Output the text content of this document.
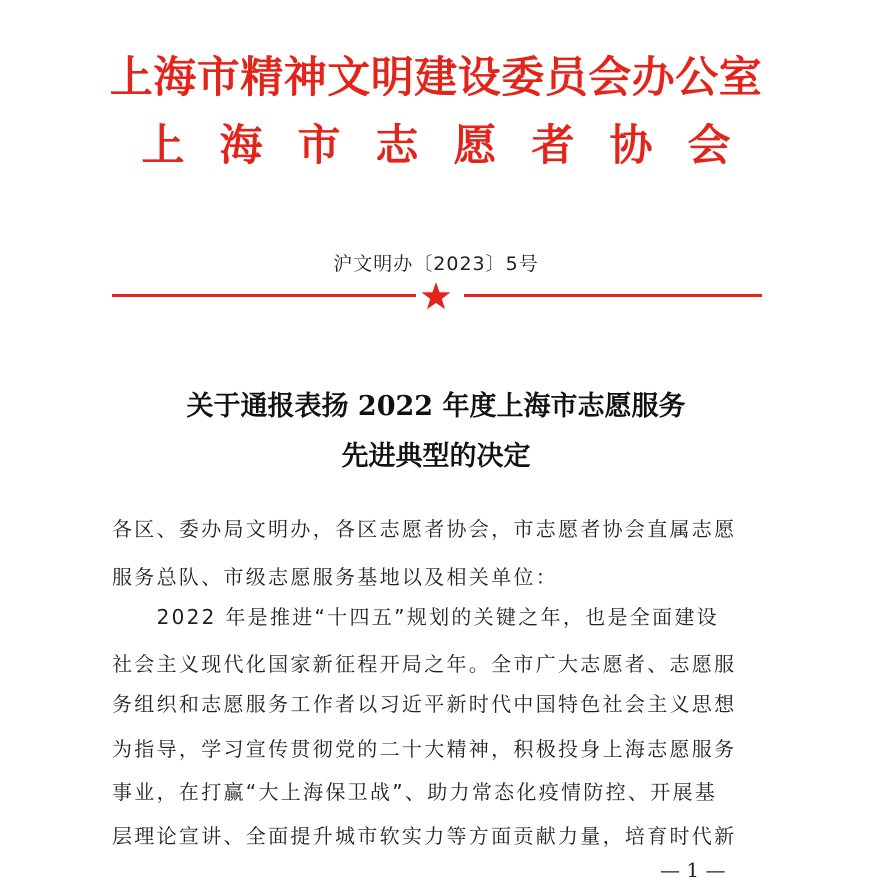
上海市精神文明建设委员会办公室
上海市志愿者协会
沪文明办〔2023〕5号
关于通报表扬 2022 年度上海市志愿服务
先进典型的决定
各区、委办局文明办，各区志愿者协会，市志愿者协会直属志愿
服务总队、市级志愿服务基地以及相关单位：
　　2022 年是推进“十四五”规划的关键之年，也是全面建设
社会主义现代化国家新征程开局之年。全市广大志愿者、志愿服
务组织和志愿服务工作者以习近平新时代中国特色社会主义思想
为指导，学习宣传贯彻党的二十大精神，积极投身上海志愿服务
事业，在打赢“大上海保卫战”、助力常态化疫情防控、开展基
层理论宣讲、全面提升城市软实力等方面贡献力量，培育时代新
— 1 —
